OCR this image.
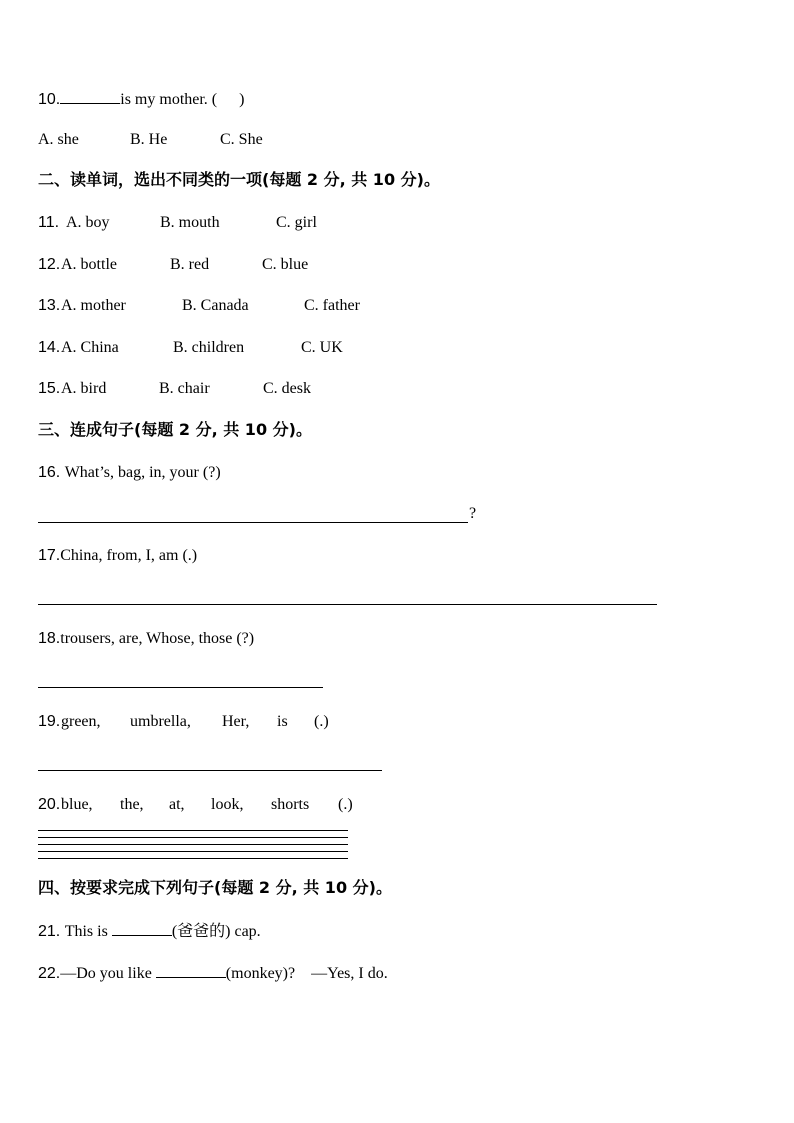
10.	is my mother. ( )
A. she	B. He	C. She
二、读单词，选出不同类的一项(每题 2 分, 共 10 分)。
11. A. boy	B. mouth	C. girl
12. A. bottle	B. red	C. blue
13. A. mother	B. Canada	C. father
14. A. China	B. children	C. UK
15. A. bird	B. chair	C. desk
三、连成句子(每题 2 分, 共 10 分)。
16. What’s, bag, in, your (?)
?
17.China, from, I, am (.)
18.trousers, are, Whose, those (?)
19. green, umbrella, Her, is (.)
20. blue, the, at, look, shorts (.)
四、按要求完成下列句子(每题 2 分, 共 10 分)。
21. This is	(爸爸的) cap.
22.—Do you like	(monkey)? —Yes, I do.
